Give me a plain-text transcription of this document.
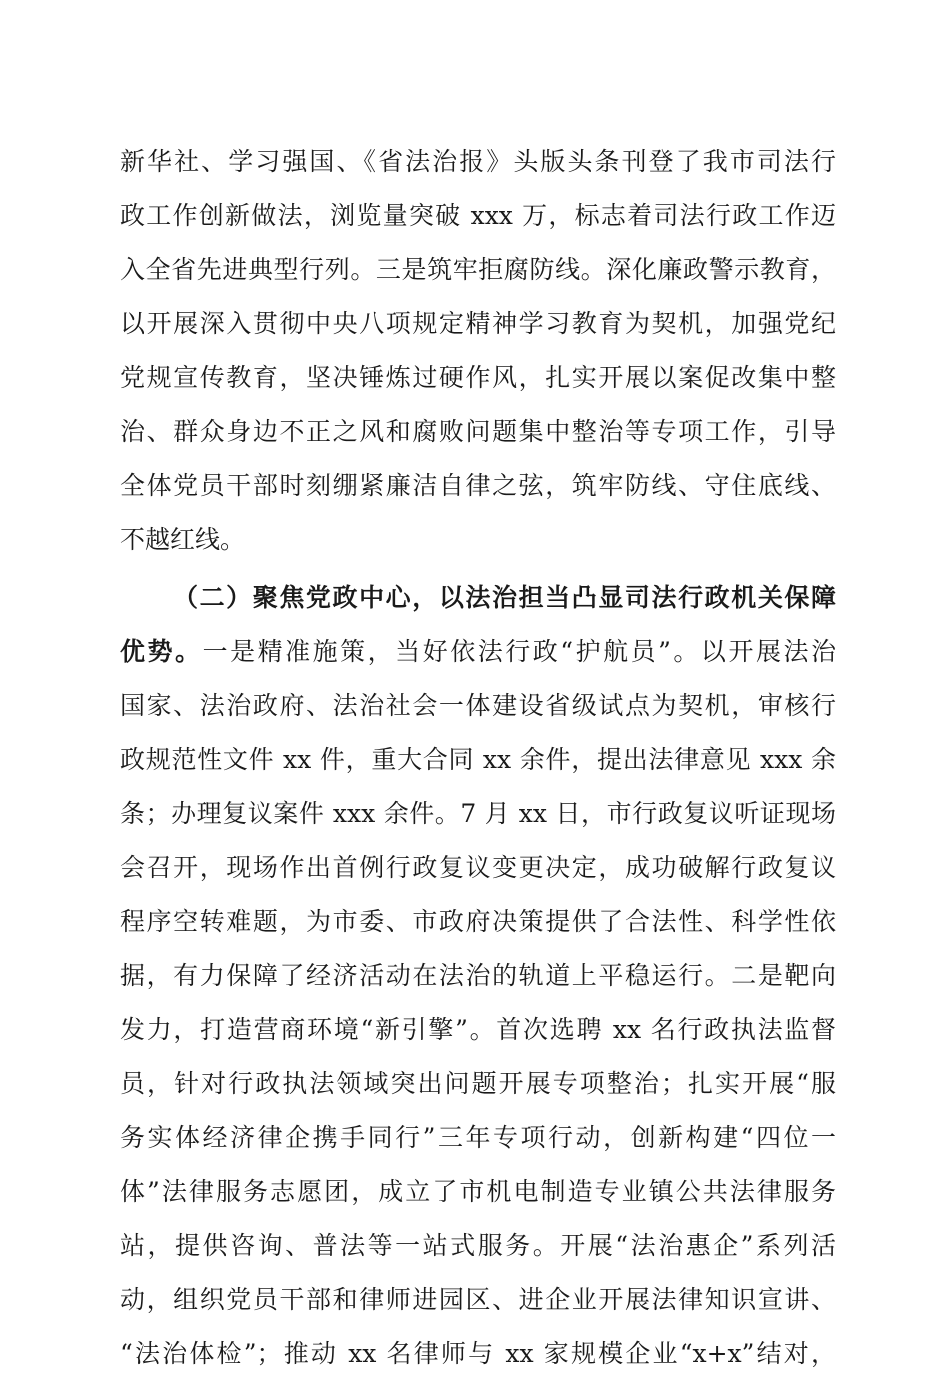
新华社、学习强国、《省法治报》头版头条刊登了我市司法行
政工作创新做法，浏览量突破 xxx 万，标志着司法行政工作迈
入全省先进典型行列。三是筑牢拒腐防线。深化廉政警示教育，
以开展深入贯彻中央八项规定精神学习教育为契机，加强党纪
党规宣传教育，坚决锤炼过硬作风，扎实开展以案促改集中整
治、群众身边不正之风和腐败问题集中整治等专项工作，引导
全体党员干部时刻绷紧廉洁自律之弦，筑牢防线、守住底线、
不越红线。
（二）聚焦党政中心，以法治担当凸显司法行政机关保障
优势。一是精准施策，当好依法行政“护航员”。以开展法治
国家、法治政府、法治社会一体建设省级试点为契机，审核行
政规范性文件 xx 件，重大合同 xx 余件，提出法律意见 xxx 余
条；办理复议案件 xxx 余件。7 月 xx 日，市行政复议听证现场
会召开，现场作出首例行政复议变更决定，成功破解行政复议
程序空转难题，为市委、市政府决策提供了合法性、科学性依
据，有力保障了经济活动在法治的轨道上平稳运行。二是靶向
发力，打造营商环境“新引擎”。首次选聘 xx 名行政执法监督
员，针对行政执法领域突出问题开展专项整治；扎实开展“服
务实体经济律企携手同行”三年专项行动，创新构建“四位一
体”法律服务志愿团，成立了市机电制造专业镇公共法律服务
站，提供咨询、普法等一站式服务。开展“法治惠企”系列活
动，组织党员干部和律师进园区、进企业开展法律知识宣讲、
“法治体检”；推动 xx 名律师与 xx 家规模企业“x+x”结对，
